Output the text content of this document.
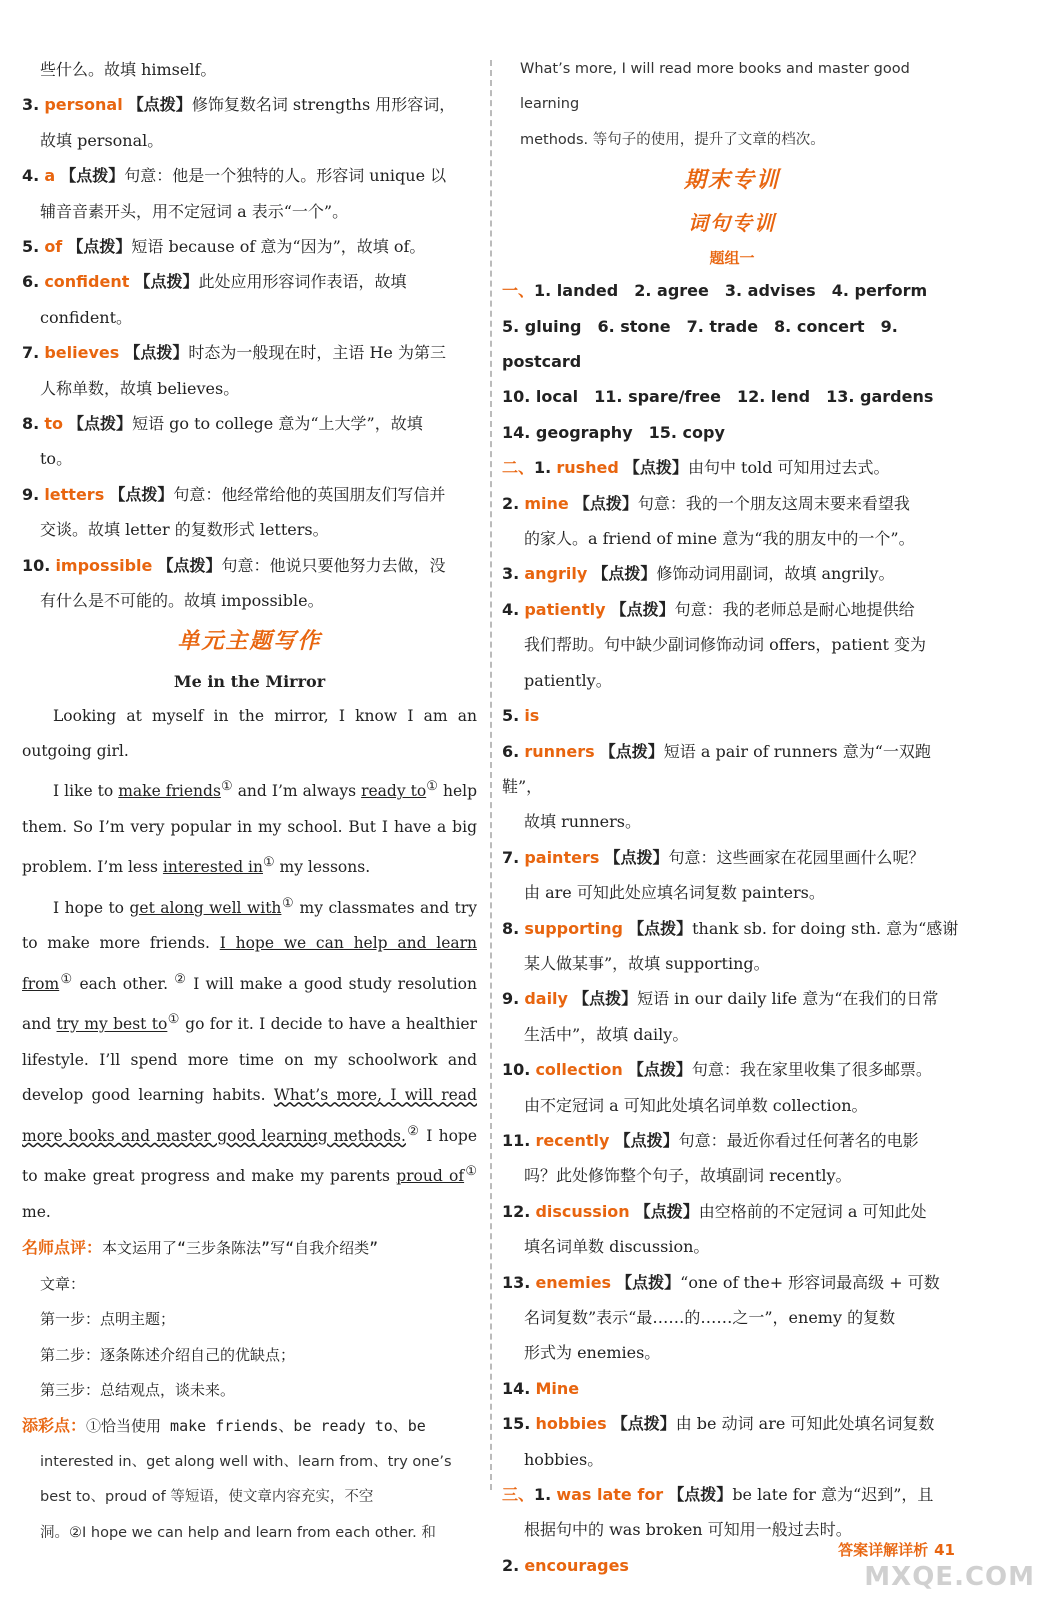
些什么。故填 himself。

3. personal 【点拨】修饰复数名词 strengths 用形容词，

故填 personal。

4. a 【点拨】句意：他是一个独特的人。形容词 unique 以

辅音音素开头，用不定冠词 a 表示“一个”。

5. of 【点拨】短语 because of 意为“因为”，故填 of。

6. confident 【点拨】此处应用形容词作表语，故填

confident。

7. believes 【点拨】时态为一般现在时，主语 He 为第三

人称单数，故填 believes。

8. to 【点拨】短语 go to college 意为“上大学”，故填

to。

9. letters 【点拨】句意：他经常给他的英国朋友们写信并

交谈。故填 letter 的复数形式 letters。

10. impossible 【点拨】句意：他说只要他努力去做，没

有什么是不可能的。故填 impossible。

单元主题写作

Me in the Mirror

Looking at myself in the mirror, I know I am an outgoing girl.

I like to make friends① and I’m always ready to① help them. So I’m very popular in my school. But I have a big problem. I’m less interested in① my lessons.

I hope to get along well with① my classmates and try to make more friends. I hope we can help and learn from① each other. ② I will make a good study resolution and try my best to① go for it. I decide to have a healthier lifestyle. I’ll spend more time on my schoolwork and develop good learning habits. What’s more, I will read more books and master good learning methods.② I hope to make great progress and make my parents proud of① me.

名师点评：本文运用了“三步条陈法”写“自我介绍类”

文章：

第一步：点明主题；

第二步：逐条陈述介绍自己的优缺点；

第三步：总结观点，谈未来。

添彩点：①恰当使用 make friends、be ready to、be

interested in、get along well with、learn from、try one’s

best to、proud of 等短语，使文章内容充实，不空

洞。②I hope we can help and learn from each other. 和

What’s more, I will read more books and master good learning

methods. 等句子的使用，提升了文章的档次。

期末专训

词句专训

题组一

一、1. landed 2. agree 3. advises 4. perform

5. gluing 6. stone 7. trade 8. concert 9. postcard

10. local 11. spare/free 12. lend 13. gardens

14. geography 15. copy

二、1. rushed 【点拨】由句中 told 可知用过去式。

2. mine 【点拨】句意：我的一个朋友这周末要来看望我

的家人。a friend of mine 意为“我的朋友中的一个”。

3. angrily 【点拨】修饰动词用副词，故填 angrily。

4. patiently 【点拨】句意：我的老师总是耐心地提供给

我们帮助。句中缺少副词修饰动词 offers，patient 变为

patiently。

5. is

6. runners 【点拨】短语 a pair of runners 意为“一双跑鞋”，

故填 runners。

7. painters 【点拨】句意：这些画家在花园里画什么呢？

由 are 可知此处应填名词复数 painters。

8. supporting 【点拨】thank sb. for doing sth. 意为“感谢

某人做某事”，故填 supporting。

9. daily 【点拨】短语 in our daily life 意为“在我们的日常

生活中”，故填 daily。

10. collection 【点拨】句意：我在家里收集了很多邮票。

由不定冠词 a 可知此处填名词单数 collection。

11. recently 【点拨】句意：最近你看过任何著名的电影

吗？此处修饰整个句子，故填副词 recently。

12. discussion 【点拨】由空格前的不定冠词 a 可知此处

填名词单数 discussion。

13. enemies 【点拨】“one of the+ 形容词最高级 + 可数

名词复数”表示“最……的……之一”，enemy 的复数

形式为 enemies。

14. Mine

15. hobbies 【点拨】由 be 动词 are 可知此处填名词复数

hobbies。

三、1. was late for 【点拨】be late for 意为“迟到”，且

根据句中的 was broken 可知用一般过去时。

2. encourages

答案详解详析 41
MXQE.COM
